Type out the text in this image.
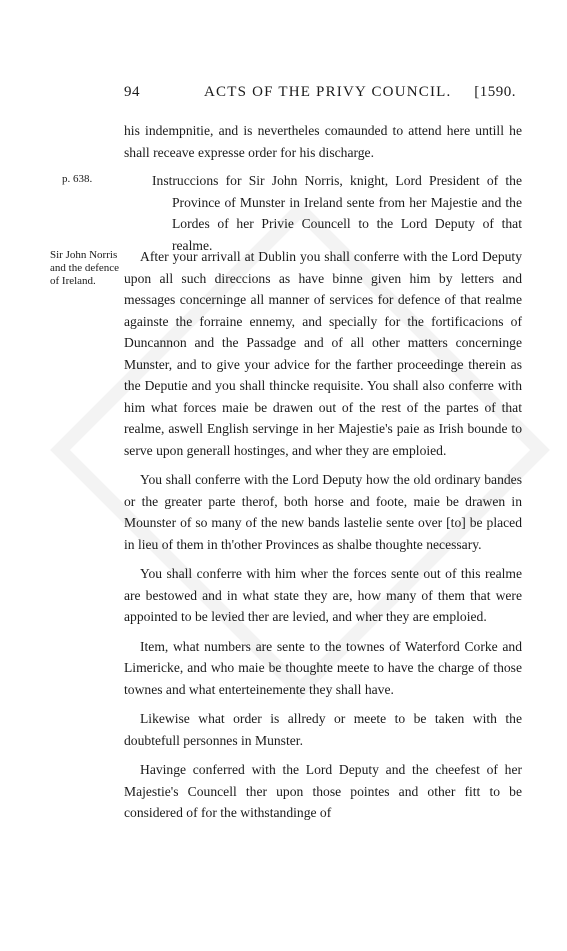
94	ACTS OF THE PRIVY COUNCIL. [1590.

his indempnitie, and is nevertheles comaunded to attend here untill he shall receave expresse order for his discharge.

p. 638.	Instruccions for Sir John Norris, knight, Lord President of the Province of Munster in Ireland sente from her Majestie and the Lordes of her Privie Councell to the Lord Deputy of that realme.
Sir John Norris and the defence of Ireland.

After your arrivall at Dublin you shall conferre with the Lord Deputy upon all such direccions as have binne given him by letters and messages concerninge all manner of services for defence of that realme againste the forraine ennemy, and specially for the fortificacions of Duncannon and the Passadge and of all other matters concerninge Munster, and to give your advice for the farther proceedinge therein as the Deputie and you shall thincke requisite. You shall also conferre with him what forces maie be drawen out of the rest of the partes of that realme, aswell English servinge in her Majestie's paie as Irish bounde to serve upon generall hostinges, and wher they are emploied.

You shall conferre with the Lord Deputy how the old ordinary bandes or the greater parte therof, both horse and foote, maie be drawen in Mounster of so many of the new bands lastelie sente over [to] be placed in lieu of them in th'other Provinces as shalbe thoughte necessary.

You shall conferre with him wher the forces sente out of this realme are bestowed and in what state they are, how many of them that were appointed to be levied ther are levied, and wher they are emploied.

Item, what numbers are sente to the townes of Waterford Corke and Limericke, and who maie be thoughte meete to have the charge of those townes and what enterteinemente they shall have.

Likewise what order is allredy or meete to be taken with the doubtefull personnes in Munster.

Havinge conferred with the Lord Deputy and the cheefest of her Majestie's Councell ther upon those pointes and other fitt to be considered of for the withstandinge of
